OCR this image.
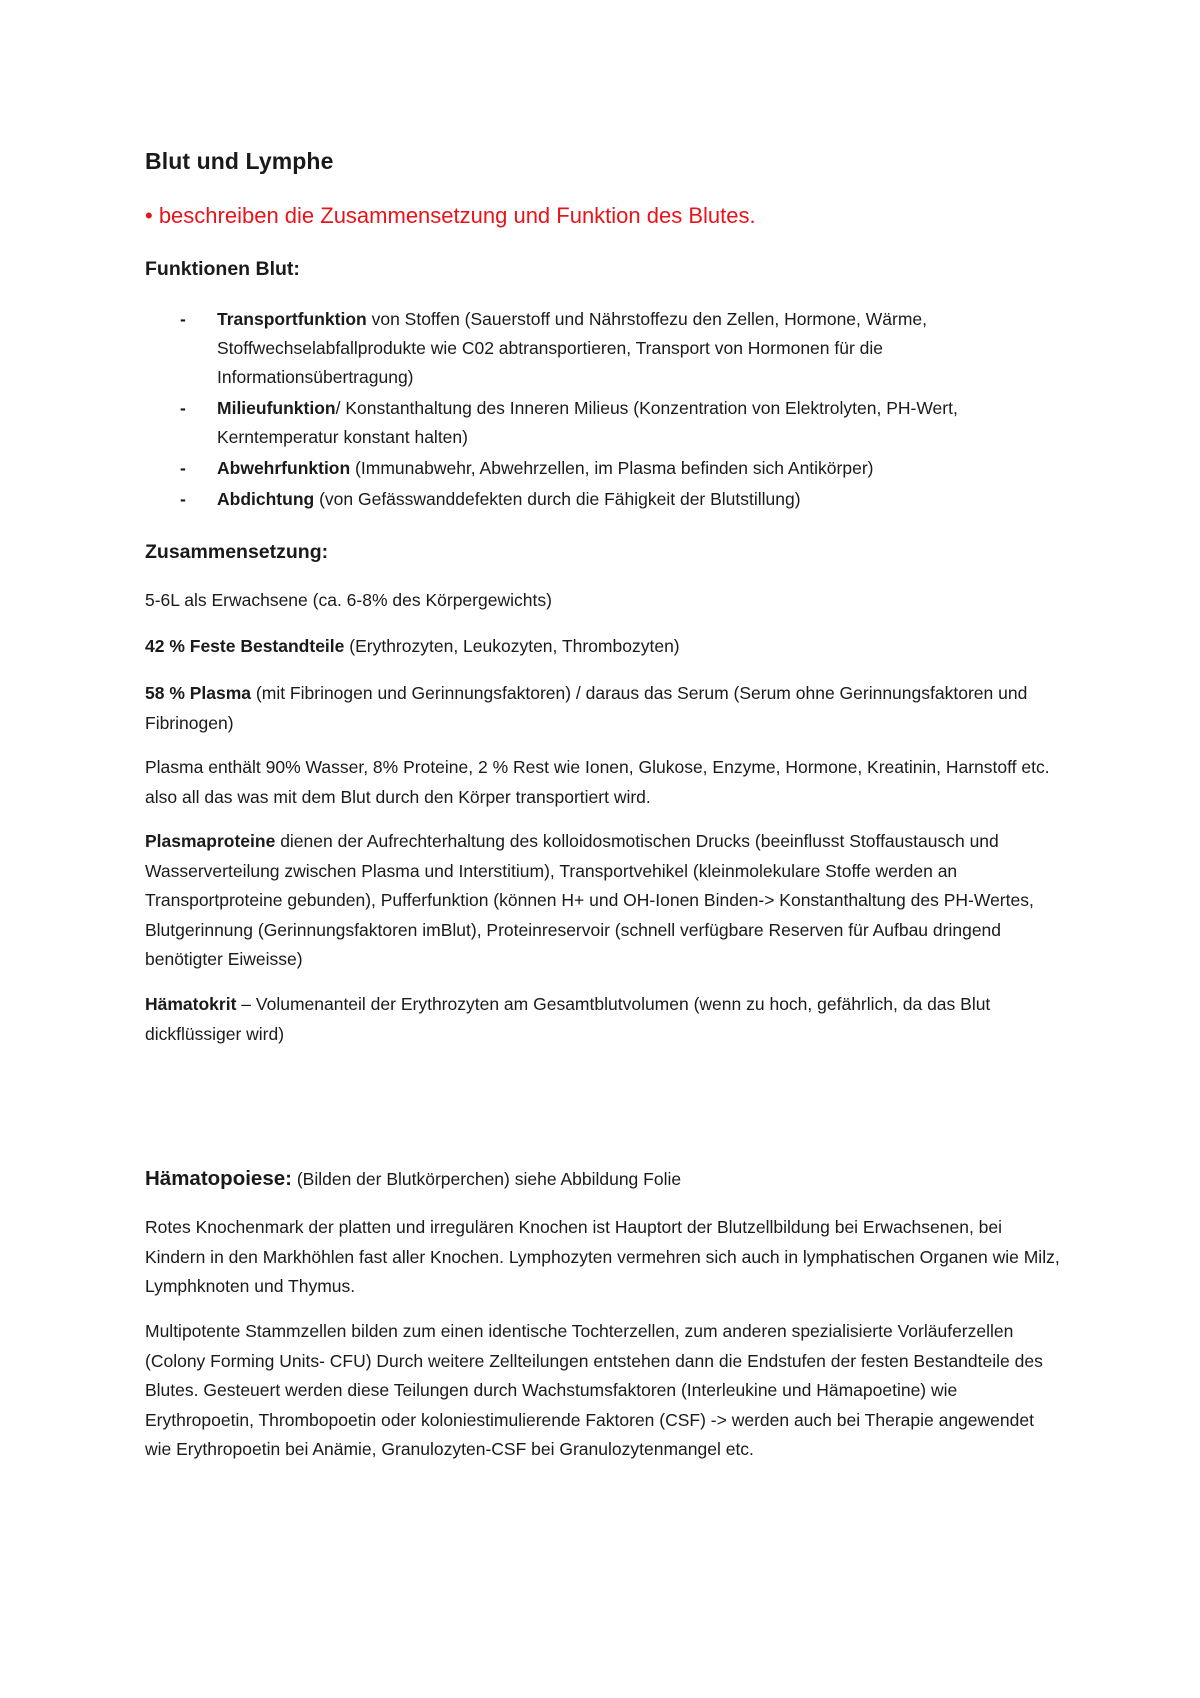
Blut und Lymphe
• beschreiben die Zusammensetzung und Funktion des Blutes.
Funktionen Blut:
- Transportfunktion von Stoffen (Sauerstoff und Nährstoffezu den Zellen, Hormone, Wärme, Stoffwechselabfallprodukte wie C02 abtransportieren, Transport von Hormonen für die Informationsübertragung)
- Milieufunktion/ Konstanthaltung des Inneren Milieus (Konzentration von Elektrolyten, PH-Wert, Kerntemperatur konstant halten)
- Abwehrfunktion (Immunabwehr, Abwehrzellen, im Plasma befinden sich Antikörper)
- Abdichtung (von Gefässwanddefekten durch die Fähigkeit der Blutstillung)
Zusammensetzung:

5-6L als Erwachsene (ca. 6-8% des Körpergewichts)

42 % Feste Bestandteile (Erythrozyten, Leukozyten, Thrombozyten)

58 % Plasma (mit Fibrinogen und Gerinnungsfaktoren) / daraus das Serum (Serum ohne Gerinnungsfaktoren und Fibrinogen)

Plasma enthält 90% Wasser, 8% Proteine, 2 % Rest wie Ionen, Glukose, Enzyme, Hormone, Kreatinin, Harnstoff etc. also all das was mit dem Blut durch den Körper transportiert wird.

Plasmaproteine dienen der Aufrechterhaltung des kolloidosmotischen Drucks (beeinflusst Stoffaustausch und Wasserverteilung zwischen Plasma und Interstitium), Transportvehikel (kleinmolekulare Stoffe werden an Transportproteine gebunden), Pufferfunktion (können H+ und OH-Ionen Binden-> Konstanthaltung des PH-Wertes, Blutgerinnung (Gerinnungsfaktoren imBlut), Proteinreservoir (schnell verfügbare Reserven für Aufbau dringend benötigter Eiweisse)

Hämatokrit – Volumenanteil der Erythrozyten am Gesamtblutvolumen (wenn zu hoch, gefährlich, da das Blut dickflüssiger wird)

Hämatopoiese: (Bilden der Blutkörperchen) siehe Abbildung Folie

Rotes Knochenmark der platten und irregulären Knochen ist Hauptort der Blutzellbildung bei Erwachsenen, bei Kindern in den Markhöhlen fast aller Knochen. Lymphozyten vermehren sich auch in lymphatischen Organen wie Milz, Lymphknoten und Thymus.

Multipotente Stammzellen bilden zum einen identische Tochterzellen, zum anderen spezialisierte Vorläuferzellen (Colony Forming Units- CFU) Durch weitere Zellteilungen entstehen dann die Endstufen der festen Bestandteile des Blutes. Gesteuert werden diese Teilungen durch Wachstumsfaktoren (Interleukine und Hämapoetine) wie Erythropoetin, Thrombopoetin oder koloniestimulierende Faktoren (CSF) -> werden auch bei Therapie angewendet wie Erythropoetin bei Anämie, Granulozyten-CSF bei Granulozytenmangel etc.
